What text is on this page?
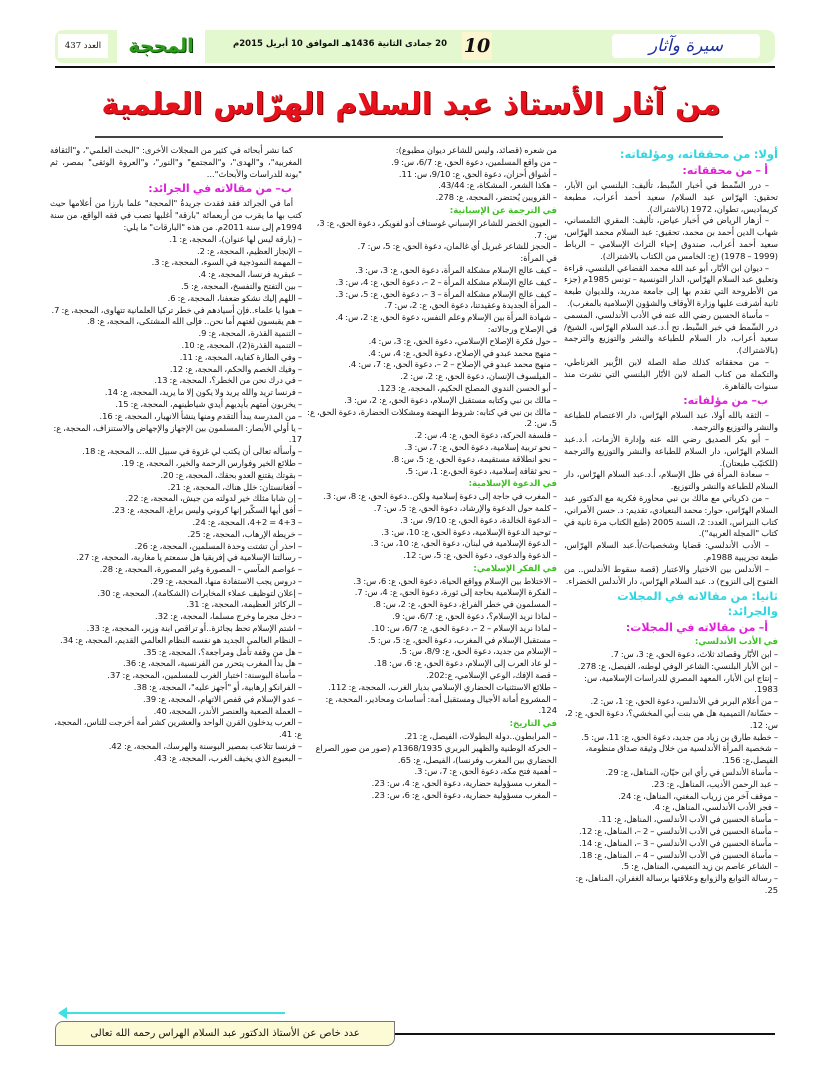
سيرة وآثار
10
20 جمادى الثانية 1436هـ الموافق 10 أبريل 2015م
المحجة
العدد 437
من آثار الأستاذ عبد السلام الهرّاس العلمية
أولا: من محققاته، ومؤلفاته:
أ – من محققاته:

– درر السِّمط في أخبار السِّبط، تأليف: البلنسي ابن الأبار، تحقيق: الهرّاس عبد السلام/ سعيد أحمد أعراب، مطبعة كريماديس، تطوان، 1972 (بالاشتراك).

– أزهار الرياض في أخبار عياض، تأليف: المقري التلمساني، شهاب الدين أحمد بن محمد، تحقيق: عبد السلام محمد الهرّاس، سعيد أحمد أعراب، صندوق إحياء التراث الإسلامي – الرباط (1999 – 1978) (ج: الخامس من الكتاب بالاشتراك).

– ديوان ابن الأبّار، أبو عبد الله محمد القضاعي البلنسي، قراءة وتعليق عبد السلام الهرّاس، الدار التونسية – تونس 1985م (جزء من الأطروحة التي تقدم بها إلى جامعة مدريد، وللديوان طبعة ثانية أشرفت عليها وزارة الأوقاف والشؤون الإسلامية بالمغرب).

– مأساة الحسين رضي الله عنه في الأدب الأندلسي، المسمى درر السِّمط في خبر السِّبط، تح أ.د.عبد السلام الهرّاس، الشيخ/ سعيد أعراب، دار السلام للطباعة والنشر والتوزيع والترجمة (بالاشتراك).

– من محققاته كذلك صلة الصلة لابن الزُّبير الغرناطي، والتكملة من كتاب الصلة لابن الأبّار البلنسي التي نشرت منذ سنوات بالقاهرة.

ب– من مؤلفاته:

– الثقة بالله أولا، عبد السلام الهرّاس، دار الاعتصام للطباعة والنشر والتوزيع والترجمة.

– أبو بكر الصديق رضي الله عنه وإدارة الأزمات، أ.د.عبد السلام الهرّاس، دار السلام للطباعة والنشر والتوزيع والترجمة (للكتيّب طبعتان).

– سعادة المرأة في ظل الإسلام، أ.د.عبد السلام الهرّاس، دار السلام للطباعة والنشر والتوزيع.

– من ذكرياتي مع مالك بن نبي محاورة فكرية مع الدكتور عبد السلام الهرّاس، حوار: محمد البنعيادي، تقديم: د. حسن الأمراني، كتاب النبراس، العدد: 2، السنة 2005 (طبع الكتاب مرة ثانية في كتاب "المجلة العربية").

– الأدب الأندلسي: قضايا وشخصيات/أ.عبد السلام الهرّاس، طبعة تجريبية 1988م.

– الأندلس بين الاختيار والاعتبار (قصة سقوط الأندلس.. من الفتوح إلى النزوح) د. عبد السلام الهرّاس، دار الأندلس الخضراء.

ثانيا: من مقالاته في المجلات والجرائد:
أ– من مقالاته في المجلات:
في الأدب الأندلسي:

– ابن الأبّار وقصائد ثلاث، دعوة الحق، ع: 3، س: 7.

– ابن الأبار البلنسي: الشاعر الوفي لوطنه، الفيصل، ع: 278.

– إنتاج ابن الأبار، المعهد المصري للدراسات الإسلامية، س: 1983.

– من أعلام البربر في الأندلس، دعوة الحق، ع: 1، س: 2.

– حسّانة/ التميمية هل هي بنت أبي المخشي؟، دعوة الحق، ع: 2، س: 12.

– خطبة طارق بن زياد من جديد، دعوة الحق، ع: 11، س: 5.

– شخصية المرأة الأندلسية من خلال وثيقة صداق منظومة، الفيصل،ع: 156.

– مأساة الأندلس في رأي ابن حيّان، المناهل، ع: 29.

– عبد الرحمن الأديب، المناهل، ع: 23.

– موقف آخر من زرياب المغني، المناهل، ع: 24.

– فجر الأدب الأندلسي، المناهل، ع: 4.

– مأساة الحسين في الأدب الأندلسي، المناهل، ع: 11.

– مأساة الحسين في الأدب الأندلسي – 2 –، المناهل، ع: 12.

– مأساة الحسين في الأدب الأندلسي – 3 –، المناهل، ع: 14.

– مأساة الحسين في الأدب الأندلسي – 4 –، المناهل، ع: 18.

– الشاعر عاصم بن زيد التميمي، المناهل، ع: 5.

– رسالة التوابع والزوابع وعلاقتها برسالة الغفران، المناهل، ع: 25.

من شعره (قصائد، وليس للشاعر ديوان مطبوع):

– من واقع المسلمين، دعوة الحق، ع: 6/7، س: 9.

– أشواق أحزان، دعوة الحق، ع: 9/10، س: 11.

– هكذا الشعر، المشكاة، ع: 43/44.

– القرويين يُحتضر، المحجة، ع: 278.

في الترجمة عن الإسبانية:

– العيون الخضر للشاعر الإسباني غوستاف أدو لفويكر، دعوة الحق، ع: 3، س: 7.

– الحجز للشاعر غبريل أي غالمان، دعوة الحق، ع: 5، س: 7.

في المرأة:

– كيف عالج الإسلام مشكلة المرأة، دعوة الحق، ع: 3، س: 3.

– كيف عالج الإسلام مشكلة المرأة – 2 –، دعوة الحق، ع: 4، س: 3.

– كيف عالج الإسلام مشكلة المرأة – 3 –، دعوة الحق، ع: 5، س: 3.

– المرأة الجديدة وعقيدتنا، دعوة الحق، ع: 2، س: 7.

– شهادة المرأة بين الإسلام وعلم النفس، دعوة الحق، ع: 2، س: 4.

في الإصلاح ورجالاته:

– حول فكرة الإصلاح الإسلامي، دعوة الحق، ع: 3، س: 4.

– منهج محمد عبدو في الإصلاح، دعوة الحق، ع: 4، س: 4.

– منهج محمد عبدو في الإصلاح – 2 –، دعوة الحق، ع: 7، س: 4.

– الفيلسوف الإنسان، دعوة الحق، ع: 2، س: 2.

– أبو الحسن الندوي المصلح الحكيم، المحجة، ع: 123.

– مالك بن نبي وكتابه مستقبل الإسلام، دعوة الحق، ع: 2، س: 3.

– مالك بن نبي في كتابه: شروط النهضة ومشكلات الحضارة، دعوة الحق، ع: 5، س: 2.

– فلسفة الحركة، دعوة الحق، ع: 4، س: 2.

– نحو تربية إسلامية، دعوة الحق، ع: 7، س: 3.

– نحو انطلاقة مستقيمة، دعوة الحق، ع: 5، س: 8.

– نحو ثقافة إسلامية، دعوة الحق،ع: 1، س: 5.

في الدعوة الإسلامية:

– المغرب في حاجة إلى دعوة إسلامية ولكن..دعوة الحق، ع: 8، س: 3.

– كلمة حول الدعوة والإرشاد، دعوة الحق، ع: 5، س: 7.

– الدعوة الخالدة، دعوة الحق، ع: 9/10، س: 3.

– توحيد الدعوة الإسلامية، دعوة الحق، ع: 10، س: 3.

– الدعوة الإسلامية في لبنان، دعوة الحق، ع: 10، س: 3.

– الدعوة والدعوى، دعوة الحق، ع: 5، س: 12.

في الفكر الإسلامي:

– الاختلاط بين الإسلام وواقع الحياة، دعوة الحق، ع: 6، س: 3.

– الفكرة الإسلامية بحاجة إلى ثورة، دعوة الحق، ع: 4، س: 7.

– المسلمون في خطر الفراغ، دعوة الحق، ع: 2، س: 8.

– لماذا نريد الإسلام؟، دعوة الحق، ع: 6/7، س: 9.

– لماذا نريد الإسلام – 2 –، دعوة الحق، ع: 6/7، س: 10.

– مستقبل الإسلام في المغرب، دعوة الحق، ع: 5، س: 5.

– الإسلام من جديد، دعوة الحق، ع: 8/9، س: 5.

– لو عاد العرب إلى الإسلام، دعوة الحق، ع: 6، س: 18.

– قصة الإفك، الوعي الإسلامي، ع:202.

– طلائع الاستثنيات الحضاري الإسلامي بديار الغرب، المحجة، ع: 112.

– المشروع أمانة الأجيال ومستقبل أمة: أساسات ومحاذير، المحجة، ع: 124.

في التاريخ:

– المرابطون..دولة البطولات، الفيصل، ع: 21.

– الحركة الوطنية والظهير البربري 1368/1935م (صور من صور الصراع الحضاري بين المغرب وفرنسا)، الفيصل، ع: 65.

– أهمية فتح مكة، دعوة الحق، ع: 7، س: 3.

– المغرب مسؤولية حضارية، دعوة الحق، ع: 4، س: 23.

– المغرب مسؤولية حضارية، دعوة الحق، ع: 6، س: 23.

كما نشر أبحاثه في كثير من المجلات الأخرى: "البحث العلمي"، و"الثقافة المغربية"، و"الهدى"، و"المجتمع" و"النور"، و"العروة الوثقى" بمصر، ثم "بونة للدراسات والأبحاث"...

ب– من مقالاته في الجرائد:

أما في الجرائد فقد فقدت جريدةُ "المحجة" علما بارزا من أعلامها حيث كتب بها ما يقرب من أربعمائة "بارقة" أغلبها تصب في فقه الواقع، من سنة 1994م إلى سنة 2011م. من هذه "البارقات" ما يلي:

– (بارقة ليس لها عنوان)، المحجة، ع: 1.

– الإنجاز العظيم، المحجة، ع: 2.

– المهمة النموذجية في السوء، المحجة، ع: 3.

– عبقرية فرنسا، المحجة، ع: 4.

– بين التفتح والتفسخ، المحجة، ع: 5.

– اللهم إليك نشكو ضعفنا، المحجة، ع: 6.

– هبوا يا علماء..فإن أسيادهم في خطر تركيا العلمانية تتهاوى، المحجة، ع: 7.

– هم يقبسون لغتهم أما نحن.. فإلى الله المشتكى، المحجة، ع: 8.

– التنمية القذرة، المحجة، ع: 9.

– التنمية القذرة(2)، المحجة، ع: 10.

– وفي الطارة كفاية، المحجة، ع: 11.

– وفيك الخصم والحكم، المحجة، ع: 12.

– في درك نحن من الخطر؟، المحجة، ع: 13.

– فرنسا تريد والله يريد ولا يكون إلا ما يريد، المحجة، ع: 14.

– يخربون أمتهم بأيديهم أيدي شياطينهم، المحجة، ع: 15.

– من المدرسة يبدأ التقدم ومنها ينشأ الانهيار، المحجة، ع: 16.

– يا أولي الأبصار: المسلمون بين الإجهاز والإجهاض والاستنزاف، المحجة، ع: 17.

– وأسأله تعالى أن يكتب لي غزوة في سبيل الله..، المحجة، ع: 18.

– طلائع الخير وفوارس الرحمة والخير، المحجة، ع: 19.

– بقوتك يقتنع العدو بحقك، المحجة، ع: 20.

– أفغانستان: خلل هناك، المحجة، ع: 21.

– إن شابا مثلك خير لدولته من جيش، المحجة، ع: 22.

– أفق أيها السكّير إنها كروني وليس براغ، المحجة، ع: 23.

– 4+3 = 4+2، المحجة، ع: 24.

– خريطة الإرهاب، المحجة، ع: 25.

– احذر أن تشتت وحدة المسلمين، المحجة، ع: 26.

– رسالتنا الإسلامية في إفريقيا هل سمعتم يا مغاربة، المحجة، ع: 27.

– عواصم المآسي – المصورة وغير المصورة، المحجة، ع: 28.

– دروس يجب الاستفادة منها، المحجة، ع: 29.

– إعلان لتوظيف عملاء المخابرات (الشكامة)، المحجة، ع: 30.

– الركائز العظيمة، المحجة، ع: 31.

– دخل مجرما وخرج مسلما، المحجة، ع: 32.

– اشتم الإسلام تحظ بجائزة..أو تراقص ابنة وزير، المحجة، ع: 33.

– النظام العالمي الجديد هو نفسه النظام العالمي القديم، المحجة، ع: 34.

– هل من وقفة تأمل ومراجعة؟، المحجة، ع: 35.

– هل بدأ المغرب يتحرر من الفرنسية، المحجة، ع: 36.

– مأساة البوسنة: اختبار الغرب للمسلمين، المحجة، ع: 37.

– الفرانكو إرهابية، أو "أجهز عليه"، المحجة، ع: 38.

– عدو الإسلام في قفص الاتهام، المحجة، ع: 39.

– العملة الصعبة والعنصر الأندر، المحجة، 40.

– العرب يدخلون القرن الواحد والعشرين كشر أمة أخرجت للناس، المحجة، ع: 41.

– فرنسا تتلاعب بمصير البوسنة والهرسك، المحجة، ع: 42.

– البعبوع الذي يخيف الغرب، المحجة، ع: 43.

عدد خاص عن الأستاذ الدكتور عبد السلام الهراس رحمه الله تعالى
